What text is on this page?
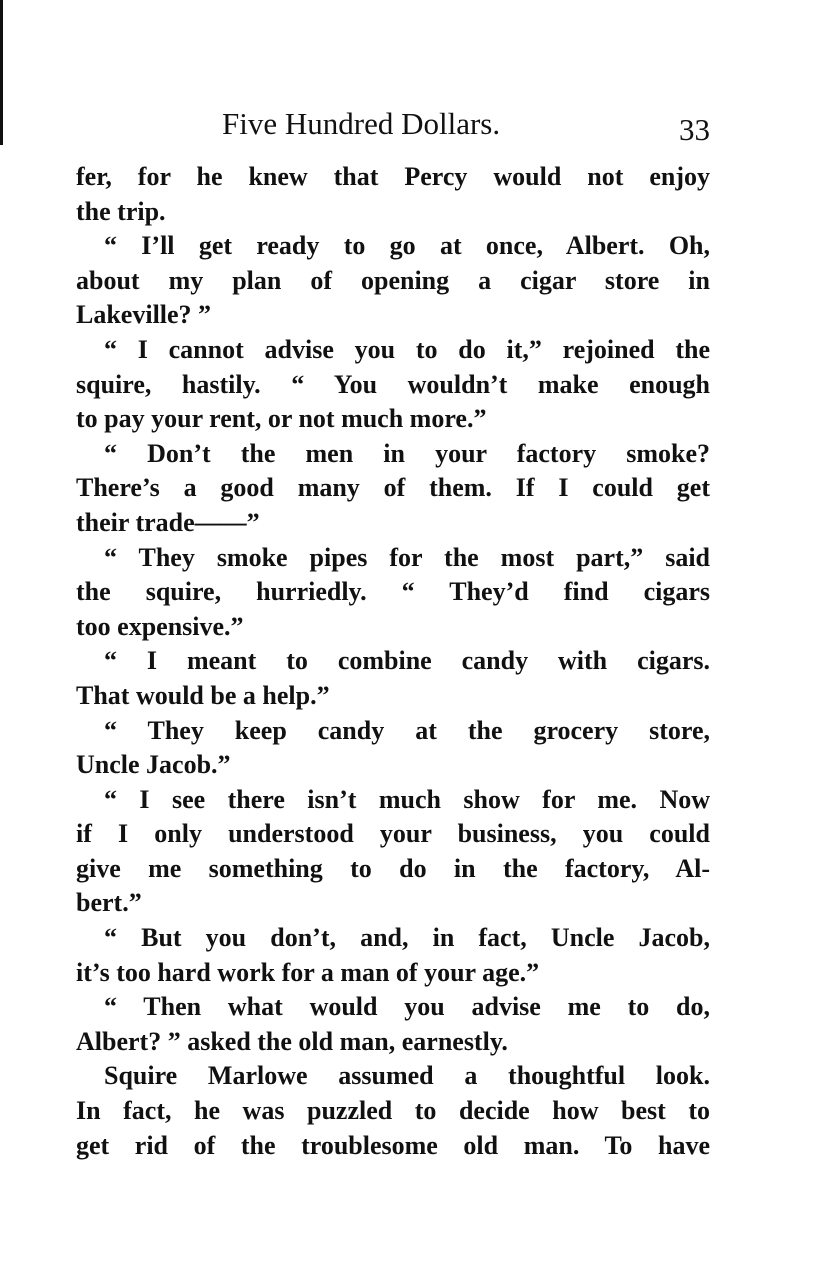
Five Hundred Dollars.	33
fer, for he knew that Percy would not enjoy
the trip.
“ I’ll get ready to go at once, Albert. Oh,
about my plan of opening a cigar store in
Lakeville? ”
“ I cannot advise you to do it,” rejoined the
squire, hastily. “ You wouldn’t make enough
to pay your rent, or not much more.”
“ Don’t the men in your factory smoke?
There’s a good many of them. If I could get
their trade——”
“ They smoke pipes for the most part,” said
the squire, hurriedly. “ They’d find cigars
too expensive.”
“ I meant to combine candy with cigars.
That would be a help.”
“ They keep candy at the grocery store,
Uncle Jacob.”
“ I see there isn’t much show for me. Now
if I only understood your business, you could
give me something to do in the factory, Al-
bert.”
“ But you don’t, and, in fact, Uncle Jacob,
it’s too hard work for a man of your age.”
“ Then what would you advise me to do,
Albert? ” asked the old man, earnestly.
Squire Marlowe assumed a thoughtful look.
In fact, he was puzzled to decide how best to
get rid of the troublesome old man. To have
